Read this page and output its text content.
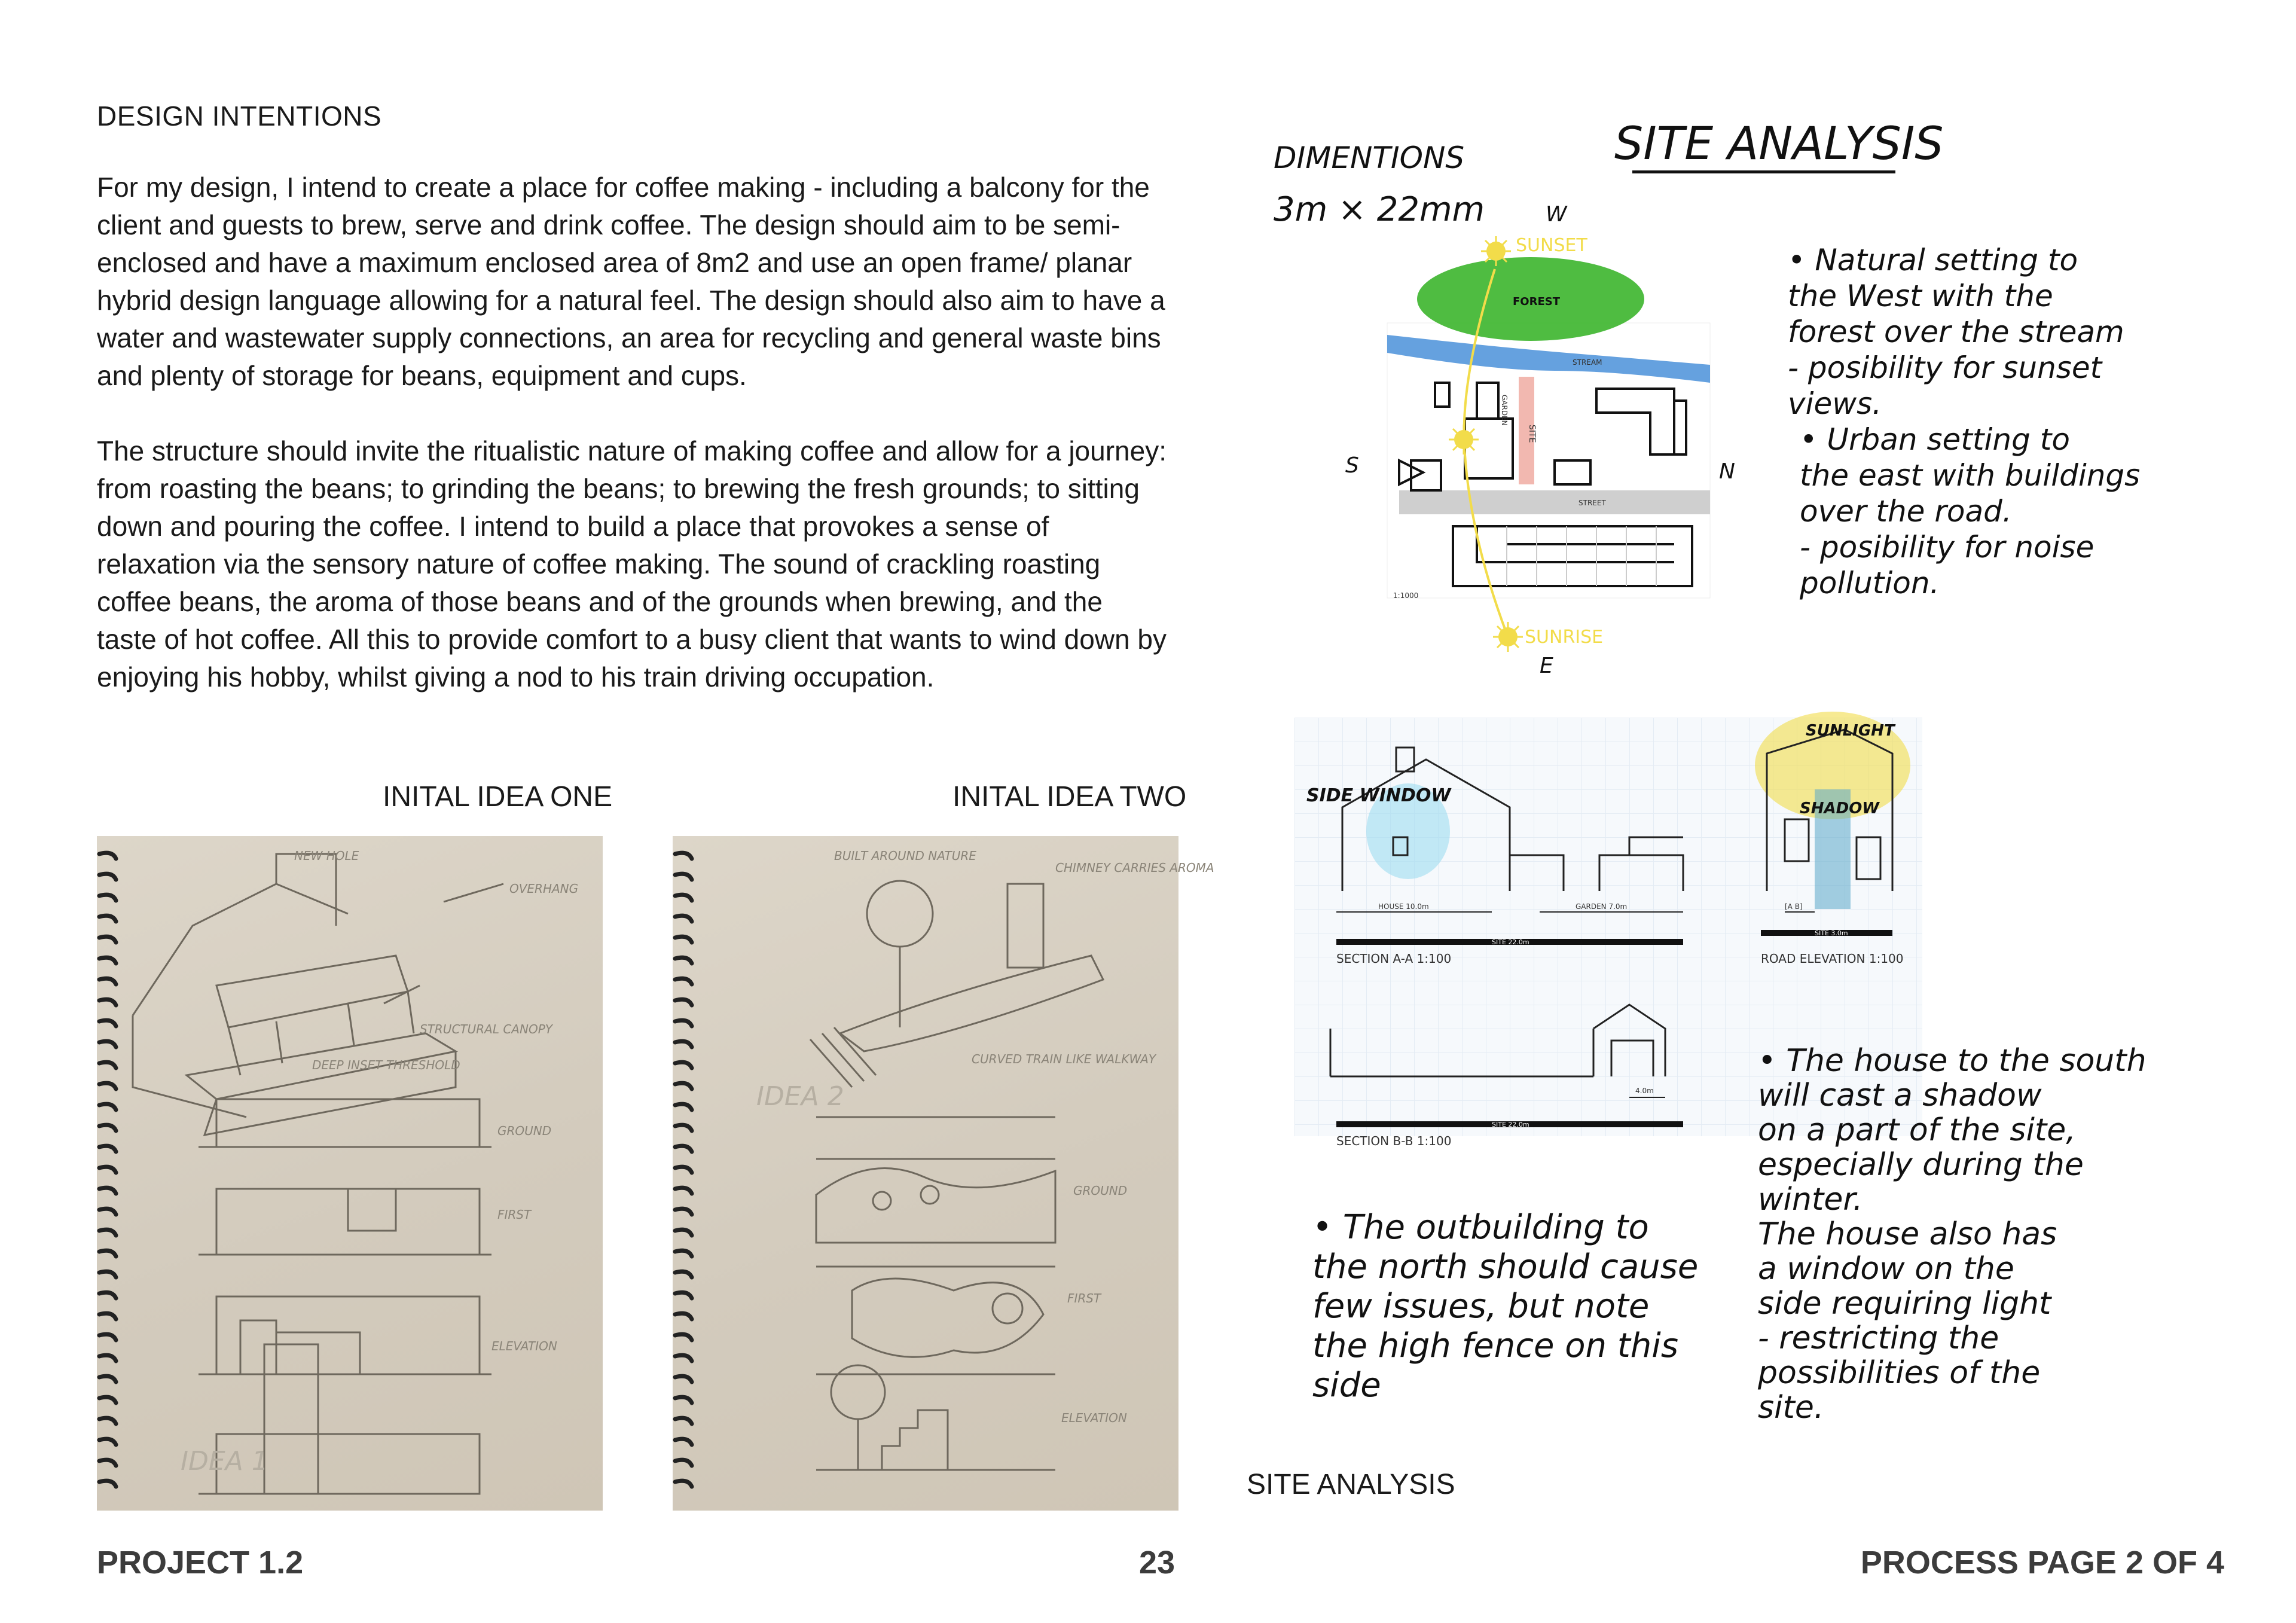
DESIGN INTENTIONS

For my design, I intend to create a place for coffee making - including a balcony for the client and guests to brew, serve and drink coffee. The design should aim to be semi-enclosed and have a maximum enclosed area of 8m2 and use an open frame/ planar hybrid design language allowing for a natural feel. The design should also aim to have a water and wastewater supply connections, an area for recycling and general waste bins and plenty of storage for beans, equipment and cups.

The structure should invite the ritualistic nature of making coffee and allow for a journey: from roasting the beans; to grinding the beans; to brewing the fresh grounds; to sitting down and pouring the coffee. I intend to build a place that provokes a sense of relaxation via the sensory nature of coffee making. The sound of crackling roasting coffee beans, the aroma of those beans and of the grounds when brewing, and the taste of hot coffee. All this to provide comfort to a busy client that wants to wind down by enjoying his hobby, whilst giving a nod to his train driving occupation.

INITAL IDEA ONE	INITAL IDEA TWO
NEW HOLE
OVERHANG
STRUCTURAL CANOPY
DEEP INSET THRESHOLD
GROUND
FIRST
ELEVATION
IDEA 1
BUILT AROUND NATURE
CHIMNEY CARRIES AROMA
CURVED TRAIN LIKE WALKWAY
IDEA 2
GROUND
FIRST
ELEVATION
SITE ANALYSIS
DIMENTIONS
3m × 22mm
SUNSET
SUNRISE
FOREST
STREAM
STREET
SITE
GARDEN
1:1000
W
E
S	N
• Natural setting to
the West with the
forest over the stream
- posibility for sunset
views.
• Urban setting to
the east with buildings
over the road.
- posibility for noise
pollution.
SIDE WINDOW
SUNLIGHT
SHADOW
HOUSE 10.0m	GARDEN 7.0m
SITE 22.0m
SITE 22.0m
SITE 3.0m
4.0m
[A B]
SECTION A-A 1:100
SECTION B-B 1:100
ROAD ELEVATION 1:100
• The house to the south
will cast a shadow
on a part of the site,
especially during the
winter.
The house also has
a window on the
side requiring light
- restricting the
possibilities of the
site.
• The outbuilding to
the north should cause
few issues, but note
the high fence on this
side
SITE ANALYSIS
PROJECT 1.2	23	PROCESS PAGE 2 OF 4
